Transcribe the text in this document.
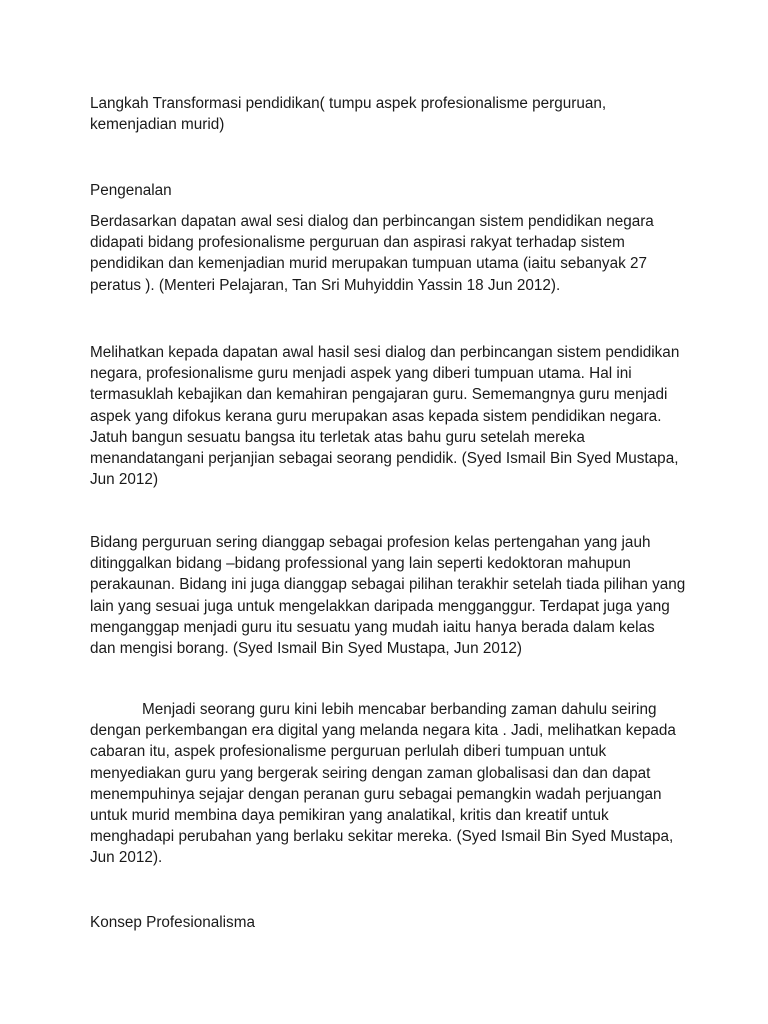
Langkah Transformasi pendidikan( tumpu aspek profesionalisme perguruan,
kemenjadian murid)

Pengenalan

Berdasarkan dapatan awal sesi dialog dan perbincangan sistem pendidikan negara
didapati bidang profesionalisme perguruan dan aspirasi rakyat terhadap sistem
pendidikan dan kemenjadian murid merupakan tumpuan utama (iaitu sebanyak 27
peratus ). (Menteri Pelajaran, Tan Sri Muhyiddin Yassin 18 Jun 2012).

Melihatkan kepada dapatan awal hasil sesi dialog dan perbincangan sistem pendidikan
negara, profesionalisme guru menjadi aspek yang diberi tumpuan utama. Hal ini
termasuklah kebajikan dan kemahiran pengajaran guru. Sememangnya guru menjadi
aspek yang difokus kerana guru merupakan asas kepada sistem pendidikan negara.
Jatuh bangun sesuatu bangsa itu terletak atas bahu guru setelah mereka
menandatangani perjanjian sebagai seorang pendidik. (Syed Ismail Bin Syed Mustapa,
Jun 2012)

Bidang perguruan sering dianggap sebagai profesion kelas pertengahan yang jauh
ditinggalkan bidang –bidang professional yang lain seperti kedoktoran mahupun
perakaunan. Bidang ini juga dianggap sebagai pilihan terakhir setelah tiada pilihan yang
lain yang sesuai juga untuk mengelakkan daripada mengganggur. Terdapat juga yang
menganggap menjadi guru itu sesuatu yang mudah iaitu hanya berada dalam kelas
dan mengisi borang. (Syed Ismail Bin Syed Mustapa, Jun 2012)

Menjadi seorang guru kini lebih mencabar berbanding zaman dahulu seiring
dengan perkembangan era digital yang melanda negara kita . Jadi, melihatkan kepada
cabaran itu, aspek profesionalisme perguruan perlulah diberi tumpuan untuk
menyediakan guru yang bergerak seiring dengan zaman globalisasi dan dan dapat
menempuhinya sejajar dengan peranan guru sebagai pemangkin wadah perjuangan
untuk murid membina daya pemikiran yang analatikal, kritis dan kreatif untuk
menghadapi perubahan yang berlaku sekitar mereka. (Syed Ismail Bin Syed Mustapa,
Jun 2012).

Konsep Profesionalisma
